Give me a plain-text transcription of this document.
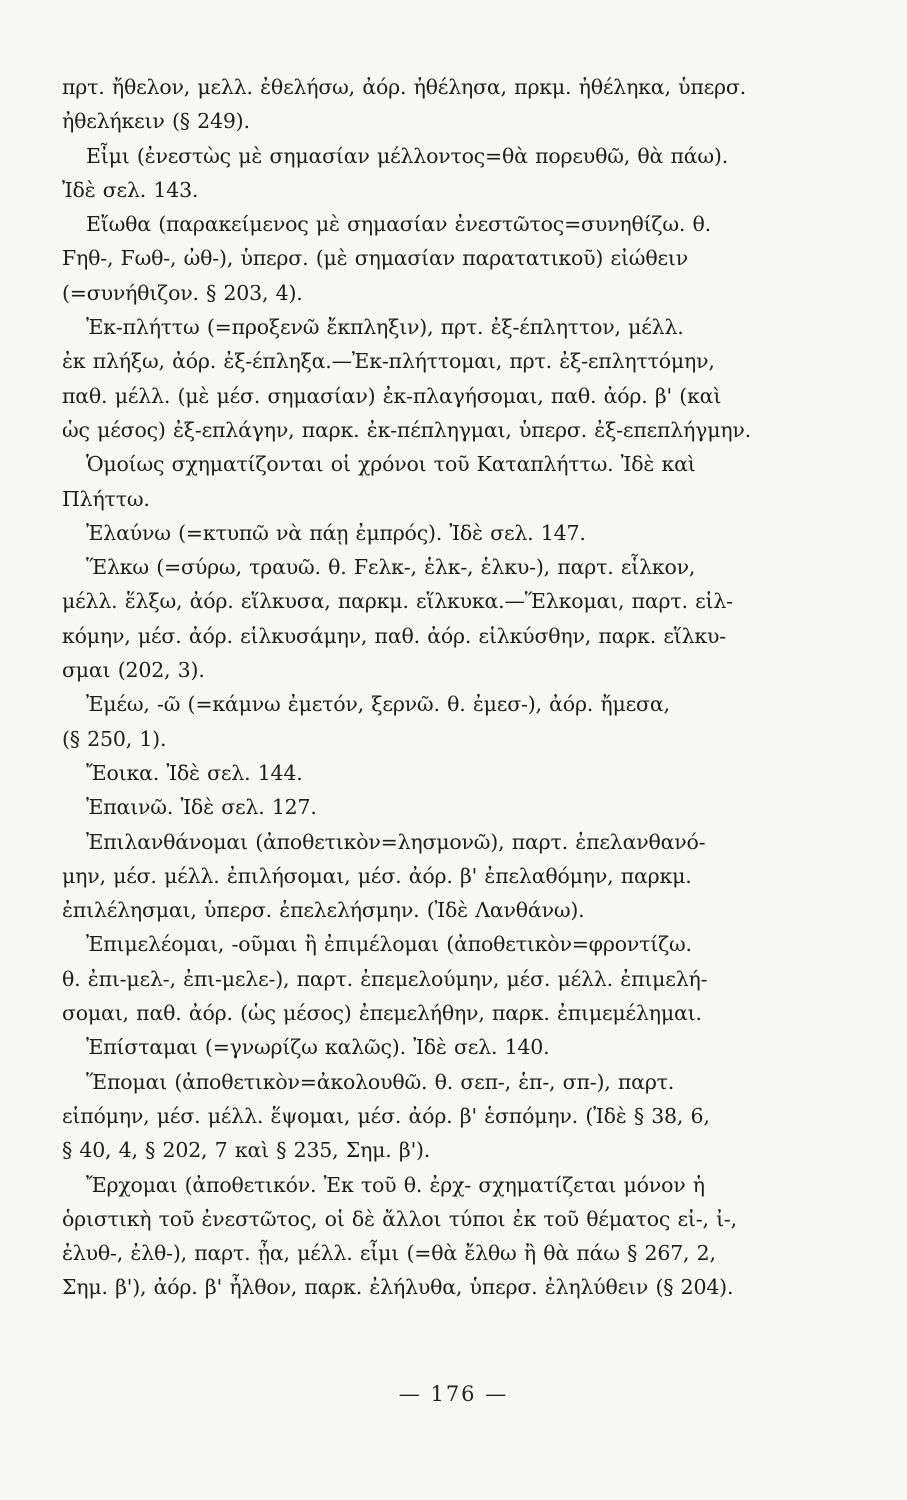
πρτ. ἤθελον, μελλ. ἐθελήσω, ἀόρ. ἠθέλησα, πρκμ. ἠθέληκα, ὑπερσ.
ἠθελήκειν (§ 249).
Εἶμι (ἐνεστὼς μὲ σημασίαν μέλλοντος=θὰ πορευθῶ, θὰ πάω).
Ἰδὲ σελ. 143.
Εἴωθα (παρακείμενος μὲ σημασίαν ἐνεστῶτος=συνηθίζω. θ.
Ϝηθ-, Ϝωθ-, ὠθ-), ὑπερσ. (μὲ σημασίαν παρατατικοῦ) εἰώθειν
(=συνήθιζον. § 203, 4).
Ἐκ-πλήττω (=προξενῶ ἔκπληξιν), πρτ. ἐξ-έπληττον, μέλλ.
ἐκ πλήξω, ἀόρ. ἐξ-έπληξα.—Ἐκ-πλήττομαι, πρτ. ἐξ-επληττόμην,
παθ. μέλλ. (μὲ μέσ. σημασίαν) ἐκ-πλαγήσομαι, παθ. ἀόρ. β' (καὶ
ὡς μέσος) ἐξ-επλάγην, παρκ. ἐκ-πέπληγμαι, ὑπερσ. ἐξ-επεπλήγμην.
Ὁμοίως σχηματίζονται οἱ χρόνοι τοῦ Καταπλήττω. Ἰδὲ καὶ
Πλήττω.
Ἐλαύνω (=κτυπῶ νὰ πάῃ ἐμπρός). Ἰδὲ σελ. 147.
Ἕλκω (=σύρω, τραυῶ. θ. Ϝελκ-, ἑλκ-, ἑλκυ-), παρτ. εἷλκον,
μέλλ. ἕλξω, ἀόρ. εἵλκυσα, παρκμ. εἵλκυκα.—Ἕλκομαι, παρτ. εἱλ-
κόμην, μέσ. ἀόρ. εἱλκυσάμην, παθ. ἀόρ. εἱλκύσθην, παρκ. εἵλκυ-
σμαι (202, 3).
Ἐμέω, -ῶ (=κάμνω ἐμετόν, ξερνῶ. θ. ἐμεσ-), ἀόρ. ἤμεσα,
(§ 250, 1).
Ἔοικα. Ἰδὲ σελ. 144.
Ἐπαινῶ. Ἰδὲ σελ. 127.
Ἐπιλανθάνομαι (ἀποθετικὸν=λησμονῶ), παρτ. ἐπελανθανό-
μην, μέσ. μέλλ. ἐπιλήσομαι, μέσ. ἀόρ. β' ἐπελαθόμην, παρκμ.
ἐπιλέλησμαι, ὑπερσ. ἐπελελήσμην. (Ἰδὲ Λανθάνω).
Ἐπιμελέομαι, -οῦμαι ἢ ἐπιμέλομαι (ἀποθετικὸν=φροντίζω.
θ. ἐπι-μελ-, ἐπι-μελε-), παρτ. ἐπεμελούμην, μέσ. μέλλ. ἐπιμελή-
σομαι, παθ. ἀόρ. (ὡς μέσος) ἐπεμελήθην, παρκ. ἐπιμεμέλημαι.
Ἐπίσταμαι (=γνωρίζω καλῶς). Ἰδὲ σελ. 140.
Ἕπομαι (ἀποθετικὸν=ἀκολουθῶ. θ. σεπ-, ἑπ-, σπ-), παρτ.
εἱπόμην, μέσ. μέλλ. ἕψομαι, μέσ. ἀόρ. β' ἑσπόμην. (Ἰδὲ § 38, 6,
§ 40, 4, § 202, 7 καὶ § 235, Σημ. β').
Ἔρχομαι (ἀποθετικόν. Ἐκ τοῦ θ. ἐρχ- σχηματίζεται μόνον ἡ
ὁριστικὴ τοῦ ἐνεστῶτος, οἱ δὲ ἄλλοι τύποι ἐκ τοῦ θέματος εἰ-, ἰ-,
ἐλυθ-, ἐλθ-), παρτ. ᾖα, μέλλ. εἶμι (=θὰ ἔλθω ἢ θὰ πάω § 267, 2,
Σημ. β'), ἀόρ. β' ἦλθον, παρκ. ἐλήλυθα, ὑπερσ. ἐληλύθειν (§ 204).
— 176 —
